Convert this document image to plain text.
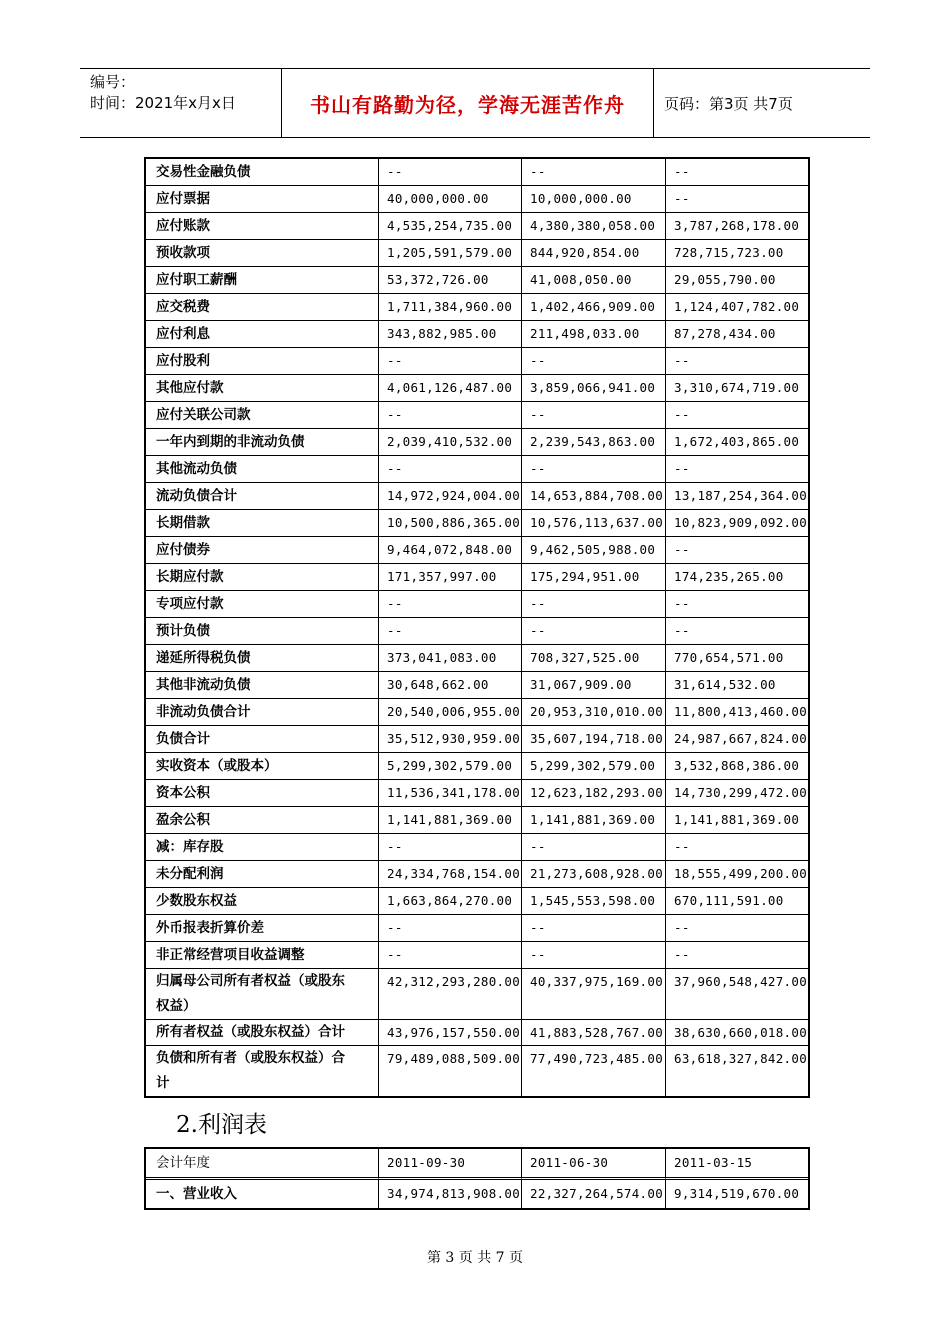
编号：
时间：2021年x月x日	书山有路勤为径，学海无涯苦作舟	页码：第3页 共7页
交易性金融负债	--	--	--
应付票据	40,000,000.00	10,000,000.00	--
应付账款	4,535,254,735.00	4,380,380,058.00	3,787,268,178.00
预收款项	1,205,591,579.00	844,920,854.00	728,715,723.00
应付职工薪酬	53,372,726.00	41,008,050.00	29,055,790.00
应交税费	1,711,384,960.00	1,402,466,909.00	1,124,407,782.00
应付利息	343,882,985.00	211,498,033.00	87,278,434.00
应付股利	--	--	--
其他应付款	4,061,126,487.00	3,859,066,941.00	3,310,674,719.00
应付关联公司款	--	--	--
一年内到期的非流动负债	2,039,410,532.00	2,239,543,863.00	1,672,403,865.00
其他流动负债	--	--	--
流动负债合计	14,972,924,004.00	14,653,884,708.00	13,187,254,364.00
长期借款	10,500,886,365.00	10,576,113,637.00	10,823,909,092.00
应付债券	9,464,072,848.00	9,462,505,988.00	--
长期应付款	171,357,997.00	175,294,951.00	174,235,265.00
专项应付款	--	--	--
预计负债	--	--	--
递延所得税负债	373,041,083.00	708,327,525.00	770,654,571.00
其他非流动负债	30,648,662.00	31,067,909.00	31,614,532.00
非流动负债合计	20,540,006,955.00	20,953,310,010.00	11,800,413,460.00
负债合计	35,512,930,959.00	35,607,194,718.00	24,987,667,824.00
实收资本（或股本）	5,299,302,579.00	5,299,302,579.00	3,532,868,386.00
资本公积	11,536,341,178.00	12,623,182,293.00	14,730,299,472.00
盈余公积	1,141,881,369.00	1,141,881,369.00	1,141,881,369.00
减：库存股	--	--	--
未分配利润	24,334,768,154.00	21,273,608,928.00	18,555,499,200.00
少数股东权益	1,663,864,270.00	1,545,553,598.00	670,111,591.00
外币报表折算价差	--	--	--
非正常经营项目收益调整	--	--	--

归属母公司所有者权益（或股东
权益）	42,312,293,280.00	40,337,975,169.00	37,960,548,427.00

所有者权益（或股东权益）合计	43,976,157,550.00	41,883,528,767.00	38,630,660,018.00

负债和所有者（或股东权益）合
计	79,489,088,509.00	77,490,723,485.00	63,618,327,842.00
2.利润表
会计年度	2011-09-30	2011-06-30	2011-03-15
一、营业收入	34,974,813,908.00	22,327,264,574.00	9,314,519,670.00
第 3 页 共 7 页
